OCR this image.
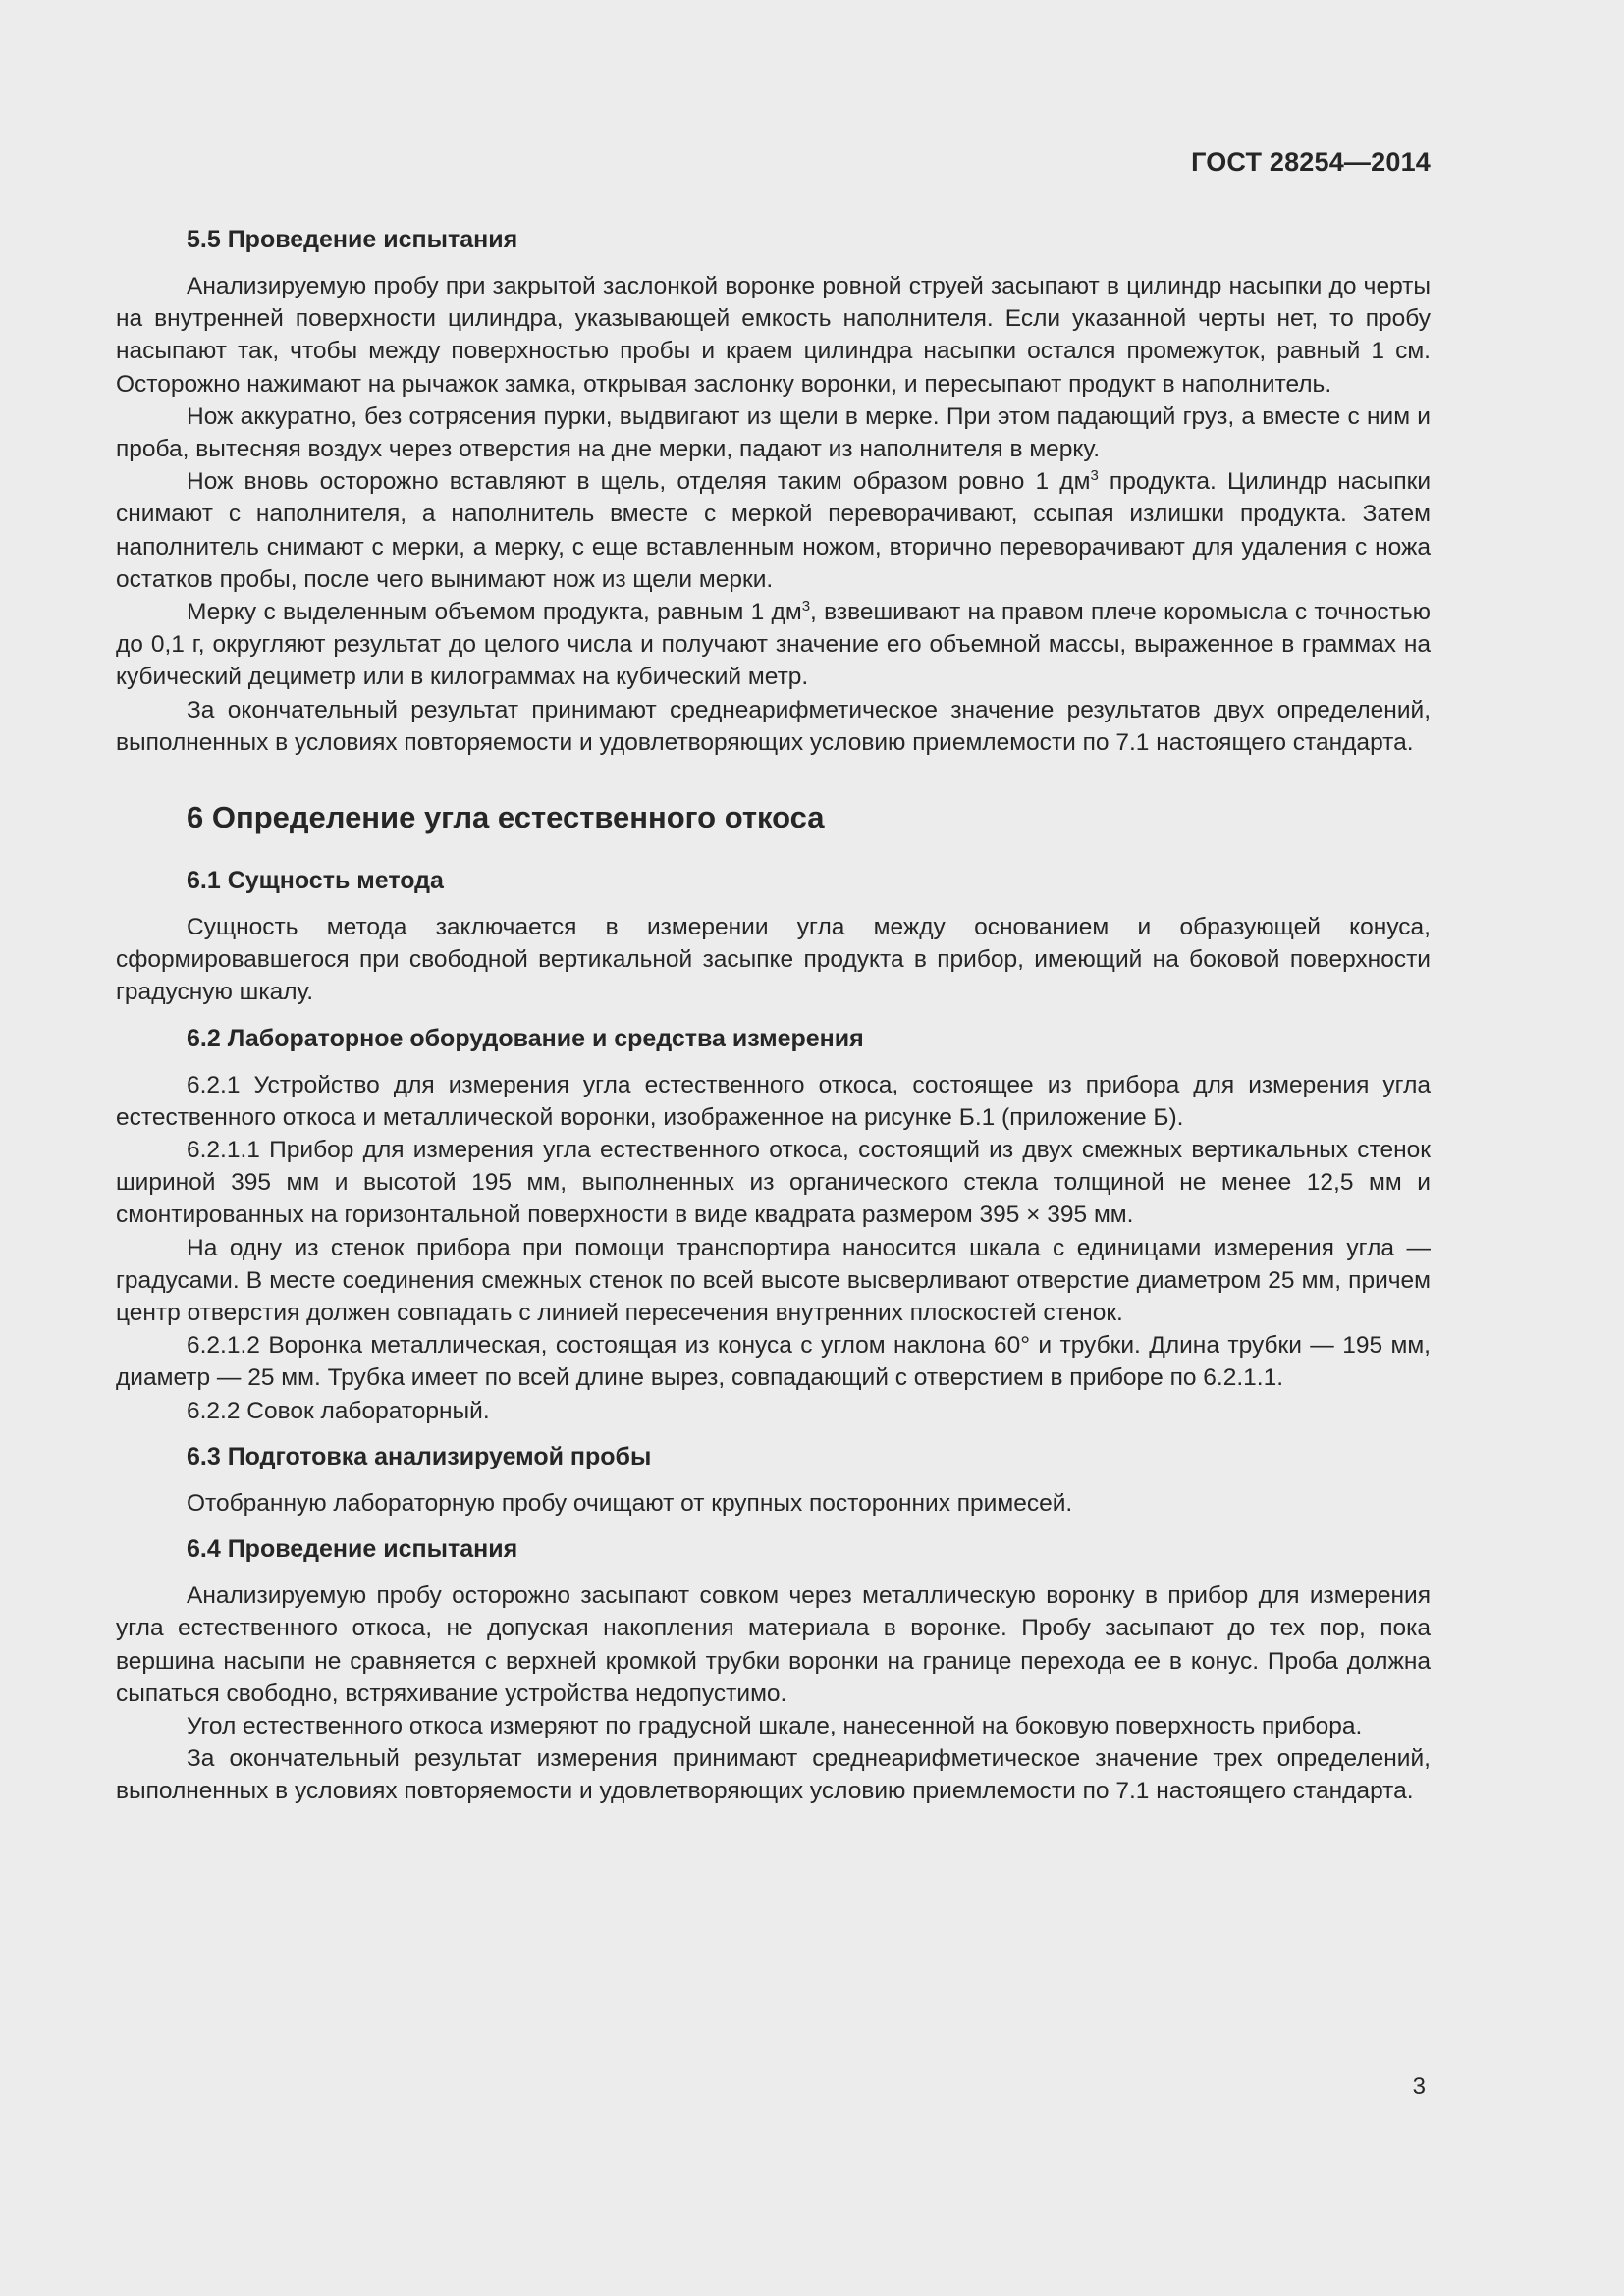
ГОСТ 28254—2014
5.5 Проведение испытания

Анализируемую пробу при закрытой заслонкой воронке ровной струей засыпают в цилиндр насыпки до черты на внутренней поверхности цилиндра, указывающей емкость наполнителя. Если указанной черты нет, то пробу насыпают так, чтобы между поверхностью пробы и краем цилиндра насыпки остался промежуток, равный 1 см. Осторожно нажимают на рычажок замка, открывая заслонку воронки, и пересыпают продукт в наполнитель.

Нож аккуратно, без сотрясения пурки, выдвигают из щели в мерке. При этом падающий груз, а вместе с ним и проба, вытесняя воздух через отверстия на дне мерки, падают из наполнителя в мерку.

Нож вновь осторожно вставляют в щель, отделяя таким образом ровно 1 $дм^3$ продукта. Цилиндр насыпки снимают с наполнителя, а наполнитель вместе с меркой переворачивают, ссыпая излишки продукта. Затем наполнитель снимают с мерки, а мерку, с еще вставленным ножом, вторично переворачивают для удаления с ножа остатков пробы, после чего вынимают нож из щели мерки.

Мерку с выделенным объемом продукта, равным 1 $дм^3$, взвешивают на правом плече коромысла с точностью до 0,1 г, округляют результат до целого числа и получают значение его объемной массы, выраженное в граммах на кубический дециметр или в килограммах на кубический метр.

За окончательный результат принимают среднеарифметическое значение результатов двух определений, выполненных в условиях повторяемости и удовлетворяющих условию приемлемости по 7.1 настоящего стандарта.

6 Определение угла естественного откоса
6.1 Сущность метода

Сущность метода заключается в измерении угла между основанием и образующей конуса, сформировавшегося при свободной вертикальной засыпке продукта в прибор, имеющий на боковой поверхности градусную шкалу.

6.2 Лабораторное оборудование и средства измерения

6.2.1 Устройство для измерения угла естественного откоса, состоящее из прибора для измерения угла естественного откоса и металлической воронки, изображенное на рисунке Б.1 (приложение Б).

6.2.1.1 Прибор для измерения угла естественного откоса, состоящий из двух смежных вертикальных стенок шириной 395 мм и высотой 195 мм, выполненных из органического стекла толщиной не менее 12,5 мм и смонтированных на горизонтальной поверхности в виде квадрата размером 395 × 395 мм.

На одну из стенок прибора при помощи транспортира наносится шкала с единицами измерения угла — градусами. В месте соединения смежных стенок по всей высоте высверливают отверстие диаметром 25 мм, причем центр отверстия должен совпадать с линией пересечения внутренних плоскостей стенок.

6.2.1.2 Воронка металлическая, состоящая из конуса с углом наклона 60° и трубки. Длина трубки — 195 мм, диаметр — 25 мм. Трубка имеет по всей длине вырез, совпадающий с отверстием в приборе по 6.2.1.1.

6.2.2 Совок лабораторный.

6.3 Подготовка анализируемой пробы

Отобранную лабораторную пробу очищают от крупных посторонних примесей.

6.4 Проведение испытания

Анализируемую пробу осторожно засыпают совком через металлическую воронку в прибор для измерения угла естественного откоса, не допуская накопления материала в воронке. Пробу засыпают до тех пор, пока вершина насыпи не сравняется с верхней кромкой трубки воронки на границе перехода ее в конус. Проба должна сыпаться свободно, встряхивание устройства недопустимо.

Угол естественного откоса измеряют по градусной шкале, нанесенной на боковую поверхность прибора.

За окончательный результат измерения принимают среднеарифметическое значение трех определений, выполненных в условиях повторяемости и удовлетворяющих условию приемлемости по 7.1 настоящего стандарта.

3
